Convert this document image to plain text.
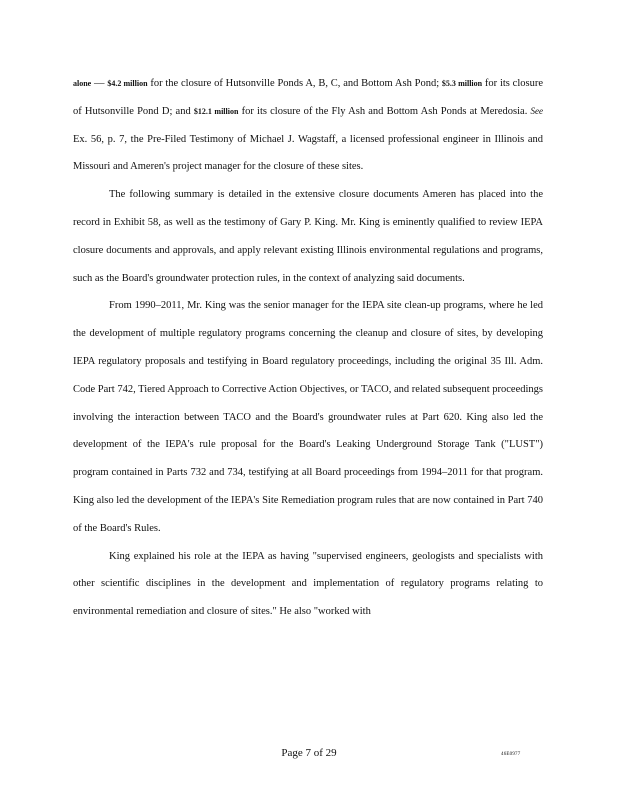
alone — $4.2 million for the closure of Hutsonville Ponds A, B, C, and Bottom Ash Pond; $5.3 million for its closure of Hutsonville Pond D; and $12.1 million for its closure of the Fly Ash and Bottom Ash Ponds at Meredosia. See Ex. 56, p. 7, the Pre-Filed Testimony of Michael J. Wagstaff, a licensed professional engineer in Illinois and Missouri and Ameren's project manager for the closure of these sites.

The following summary is detailed in the extensive closure documents Ameren has placed into the record in Exhibit 58, as well as the testimony of Gary P. King. Mr. King is eminently qualified to review IEPA closure documents and approvals, and apply relevant existing Illinois environmental regulations and programs, such as the Board's groundwater protection rules, in the context of analyzing said documents.

From 1990–2011, Mr. King was the senior manager for the IEPA site clean-up programs, where he led the development of multiple regulatory programs concerning the cleanup and closure of sites, by developing IEPA regulatory proposals and testifying in Board regulatory proceedings, including the original 35 Ill. Adm. Code Part 742, Tiered Approach to Corrective Action Objectives, or TACO, and related subsequent proceedings involving the interaction between TACO and the Board's groundwater rules at Part 620. King also led the development of the IEPA's rule proposal for the Board's Leaking Underground Storage Tank ("LUST") program contained in Parts 732 and 734, testifying at all Board proceedings from 1994–2011 for that program. King also led the development of the IEPA's Site Remediation program rules that are now contained in Part 740 of the Board's Rules.

King explained his role at the IEPA as having "supervised engineers, geologists and specialists with other scientific disciplines in the development and implementation of regulatory programs relating to environmental remediation and closure of sites." He also "worked with

Page 7 of 29	46E0977
